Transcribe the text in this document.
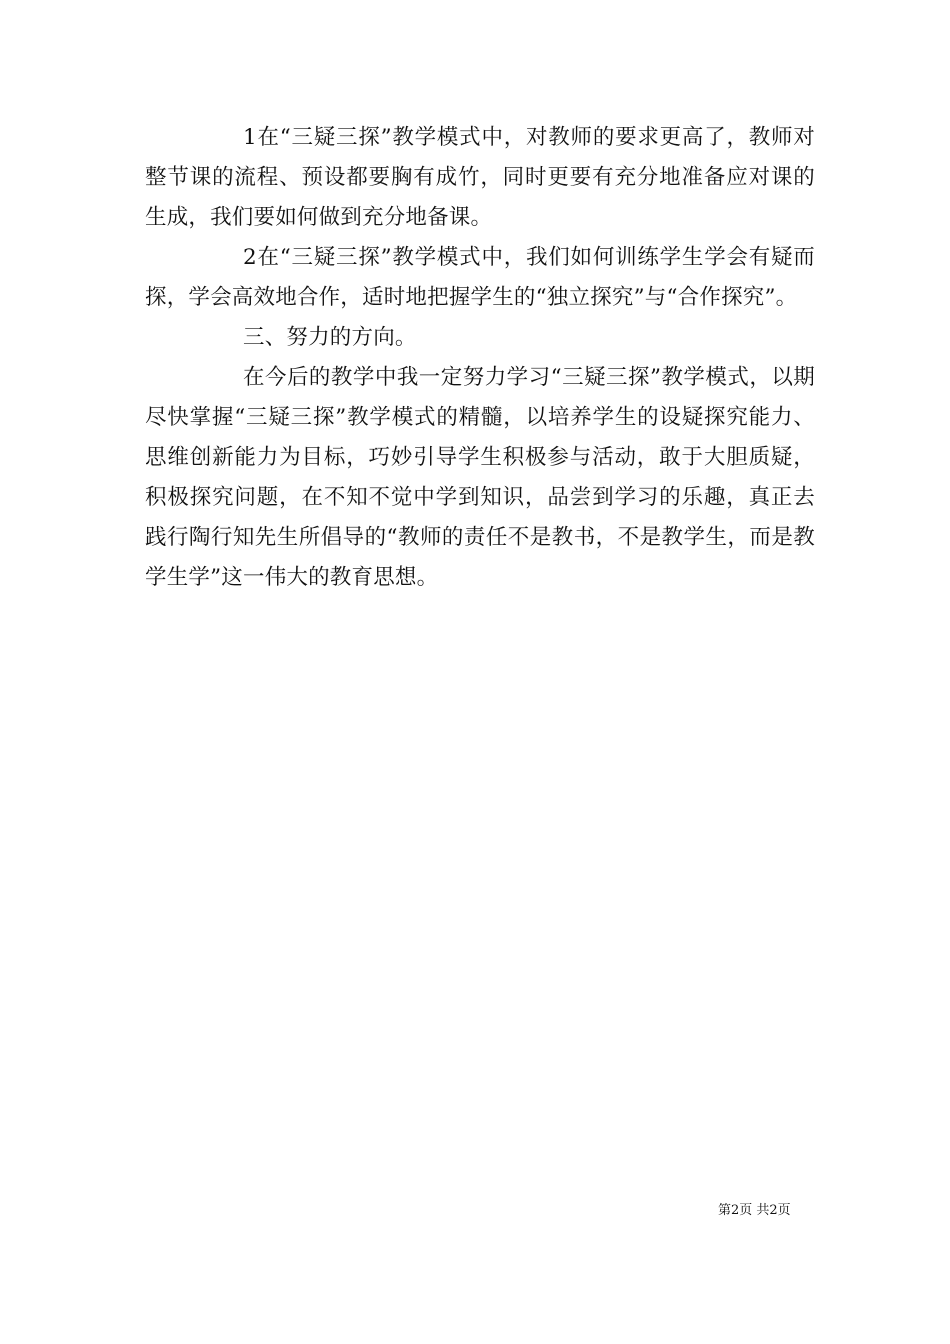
1在“三疑三探”教学模式中，对教师的要求更高了，教师对整节课的流程、预设都要胸有成竹，同时更要有充分地准备应对课的生成，我们要如何做到充分地备课。

2在“三疑三探”教学模式中，我们如何训练学生学会有疑而探，学会高效地合作，适时地把握学生的“独立探究”与“合作探究”。

三、努力的方向。

在今后的教学中我一定努力学习“三疑三探”教学模式，以期尽快掌握“三疑三探”教学模式的精髓，以培养学生的设疑探究能力、思维创新能力为目标，巧妙引导学生积极参与活动，敢于大胆质疑，积极探究问题，在不知不觉中学到知识，品尝到学习的乐趣，真正去践行陶行知先生所倡导的“教师的责任不是教书，不是教学生，而是教学生学”这一伟大的教育思想。

第2页 共2页
